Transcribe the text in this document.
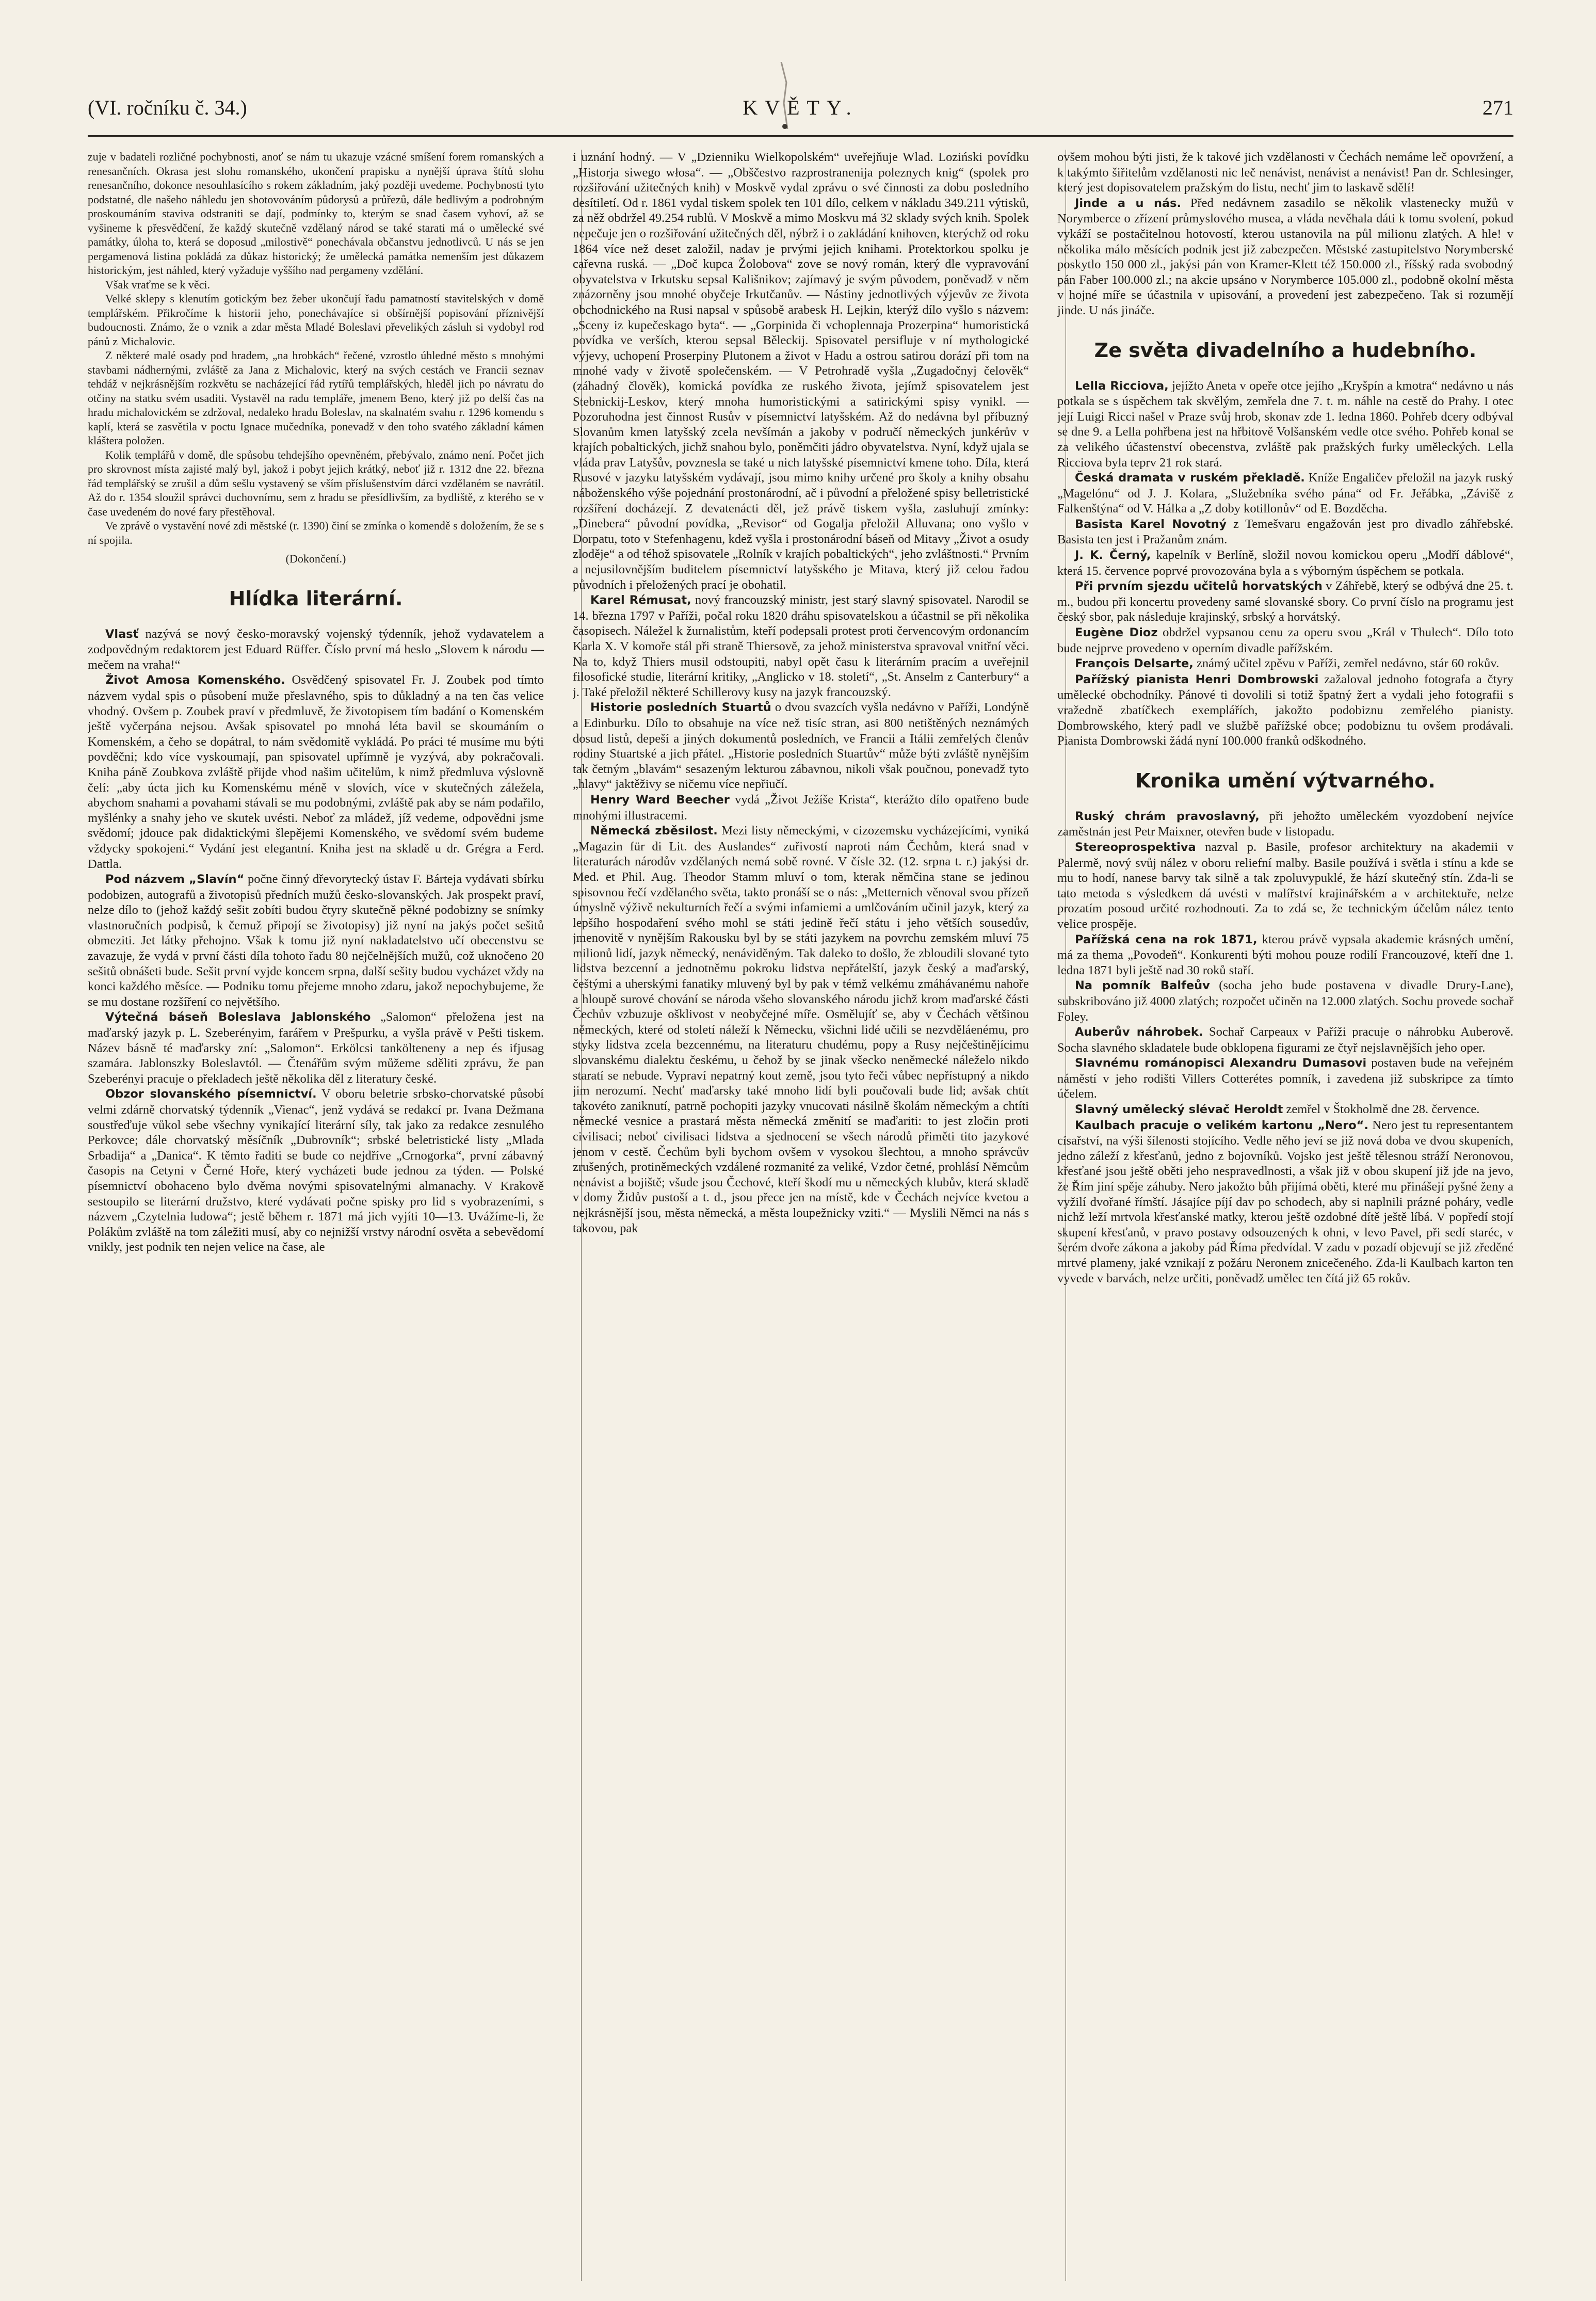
(VI. ročníku č. 34.)	KVĚTY.	271

zuje v badateli rozličné pochybnosti, anoť se nám tu ukazuje vzácné smíšení forem romanských a renesančních. Okrasa jest slohu romanského, ukončení prapisku a nynější úprava štítů slohu renesančního, dokonce nesouhlasícího s rokem základním, jaký později uvedeme. Pochybnosti tyto podstatné, dle našeho náhledu jen shotovováním půdorysů a průřezů, dále bedlivým a podrobným proskoumáním staviva odstraniti se dají, podmínky to, kterým se snad časem vyhoví, až se vyšineme k přesvědčení, že každý skutečně vzdělaný národ se také starati má o umělecké své památky, úloha to, která se doposud „milostivě“ ponechávala občanstvu jednotlivců. U nás se jen pergamenová listina pokládá za důkaz historický; že umělecká památka nemenším jest důkazem historickým, jest náhled, který vyžaduje vyššího nad pergameny vzdělání.

Však vraťme se k věci.

Velké sklepy s klenutím gotickým bez žeber ukončují řadu pamatností stavitelských v domě templářském. Přikročíme k historii jeho, ponechávajíce si obšírnější popisování příznivější budoucnosti. Známo, že o vznik a zdar města Mladé Boleslavi převelikých zásluh si vydobyl rod pánů z Michalovic.

Z některé malé osady pod hradem, „na hrobkách“ řečené, vzrostlo úhledné město s mnohými stavbami nádhernými, zvláště za Jana z Michalovic, který na svých cestách ve Francii seznav tehdáž v nejkrásnějším rozkvětu se nacházející řád rytířů templářských, hleděl jich po návratu do otčiny na statku svém usaditi. Vystavěl na radu templáře, jmenem Beno, který již po delší čas na hradu michalovickém se zdržoval, nedaleko hradu Boleslav, na skalnatém svahu r. 1296 komendu s kaplí, která se zasvětila v poctu Ignace mučedníka, ponevadž v den toho svatého základní kámen kláštera položen.

Kolik templářů v domě, dle spůsobu tehdejšího opevněném, přebývalo, známo není. Počet jich pro skrovnost místa zajisté malý byl, jakož i pobyt jejich krátký, neboť již r. 1312 dne 22. března řád templářský se zrušil a dům sešlu vystavený se vším příslušenstvím dárci vzdělaném se navrátil. Až do r. 1354 sloužil správci duchovnímu, sem z hradu se přesídlivším, za bydliště, z kterého se v čase uvedeném do nové fary přestěhoval.

Ve zprávě o vystavění nové zdi městské (r. 1390) činí se zmínka o komendě s doložením, že se s ní spojila.

(Dokončení.)

Hlídka literární.

Vlasť nazývá se nový česko-moravský vojenský týdenník, jehož vydavatelem a zodpovědným redaktorem jest Eduard Rüffer. Číslo první má heslo „Slovem k národu — mečem na vraha!“

Život Amosa Komenského. Osvědčený spisovatel Fr. J. Zoubek pod tímto názvem vydal spis o působení muže přeslavného, spis to důkladný a na ten čas velice vhodný. Ovšem p. Zoubek praví v předmluvě, že životopisem tím badání o Komenském ještě vyčerpána nejsou. Avšak spisovatel po mnohá léta bavil se skoumáním o Komenském, a čeho se dopátral, to nám svědomitě vykládá. Po práci té musíme mu býti povděčni; kdo více vyskoumají, pan spisovatel upřímně je vyzývá, aby pokračovali. Kniha páně Zoubkova zvláště přijde vhod našim učitelům, k nimž předmluva výslovně čelí: „aby úcta jich ku Komenskému méně v slovích, více v skutečných záležela, abychom snahami a povahami stávali se mu podobnými, zvláště pak aby se nám podařilo, myšlénky a snahy jeho ve skutek uvésti. Neboť za mládež, jíž vedeme, odpovědni jsme svědomí; jdouce pak didaktickými šlepějemi Komenského, ve svědomí svém budeme vždycky spokojeni.“ Vydání jest elegantní. Kniha jest na skladě u dr. Grégra a Ferd. Dattla.

Pod názvem „Slavín“ počne činný dřevorytecký ústav F. Bárteja vydávati sbírku podobizen, autografů a životopisů předních mužů česko-slovanských. Jak prospekt praví, nelze dílo to (jehož každý sešit zobíti budou čtyry skutečně pěkné podobizny se snímky vlastnoručních podpisů, k čemuž připojí se životopisy) již nyní na jakýs počet sešitů obmeziti. Jet látky přehojno. Však k tomu již nyní nakladatelstvo učí obecenstvu se zavazuje, že vydá v první části díla tohoto řadu 80 nejčelnějších mužů, což uknočeno 20 sešitů obnášeti bude. Sešit první vyjde koncem srpna, další sešity budou vycházet vždy na konci každého měsíce. — Podniku tomu přejeme mnoho zdaru, jakož nepochybujeme, že se mu dostane rozšíření co největšího.

Výtečná báseň Boleslava Jablonského „Salomon“ přeložena jest na maďarský jazyk p. L. Szeberényim, farářem v Prešpurku, a vyšla právě v Pešti tiskem. Název básně té maďarsky zní: „Salomon“. Erkölcsi tankölteneny a nep és ifjusag szamára. Jablonszky Boleslavtól. — Čtenářům svým můžeme sděliti zprávu, že pan Szeberényi pracuje o překladech ještě několika děl z literatury české.

Obzor slovanského písemnictví. V oboru beletrie srbsko-chorvatské působí velmi zdárně chorvatský týdenník „Vienac“, jenž vydává se redakcí pr. Ivana Dežmana soustřeďuje vůkol sebe všechny vynikající literární síly, tak jako za redakce zesnulého Perkovce; dále chorvatský měsíčník „Dubrovník“; srbské beletristické listy „Mlada Srbadija“ a „Danica“. K těmto řaditi se bude co nejdříve „Crnogorka“, první zábavný časopis na Cetyni v Černé Hoře, který vycházeti bude jednou za týden. — Polské písemnictví obohaceno bylo dvěma novými spisovatelnými almanachy. V Krakově sestoupilo se literární družstvo, které vydávati počne spisky pro lid s vyobrazeními, s názvem „Czytelnia ludowa“; jestě během r. 1871 má jich vyjíti 10—13. Uvážíme-li, že Polákům zvláště na tom záležiti musí, aby co nejnižší vrstvy národní osvěta a sebevědomí vnikly, jest podnik ten nejen velice na čase, ale

i uznání hodný. — V „Dzienniku Wielkopolském“ uveřejňuje Wlad. Loziński povídku „Historja siwego włosa“. — „Obščestvo razprostranenija poleznych knig“ (spolek pro rozšiřování užitečných knih) v Moskvě vydal zprávu o své činnosti za dobu posledního desítiletí. Od r. 1861 vydal tiskem spolek ten 101 dílo, celkem v nákladu 349.211 výtisků, za něž obdržel 49.254 rublů. V Moskvě a mimo Moskvu má 32 sklady svých knih. Spolek nepečuje jen o rozšiřování užitečných děl, nýbrž i o zakládání knihoven, kterýchž od roku 1864 více než deset založil, nadav je prvými jejich knihami. Protektorkou spolku je cařevna ruská. — „Doč kupca Žolobova“ zove se nový román, který dle vypravování obyvatelstva v Irkutsku sepsal Kališnikov; zajímavý je svým původem, poněvadž v něm znázorněny jsou mnohé obyčeje Irkutčanův. — Nástiny jednotlivých výjevův ze života obchodnického na Rusi napsal v spůsobě arabesk H. Lejkin, kterýž dílo vyšlo s názvem: „Sceny iz kupečeskago byta“. — „Gorpinida či vchoplennaja Prozerpina“ humoristická povídka ve verších, kterou sepsal Běleckij. Spisovatel persifluje v ní mythologické výjevy, uchopení Proserpiny Plutonem a život v Hadu a ostrou satirou dorází při tom na mnohé vady v životě společenském. — V Petrohradě vyšla „Zugadočnyj čelověk“ (záhadný člověk), komická povídka ze ruského života, jejímž spisovatelem jest Stebnickij-Leskov, který mnoha humoristickými a satirickými spisy vynikl. — Pozoruhodna jest činnost Rusův v písemnictví latyšském. Až do nedávna byl příbuzný Slovanům kmen latyšský zcela nevšímán a jakoby v područí německých junkérův v krajích pobaltických, jichž snahou bylo, poněmčiti jádro obyvatelstva. Nyní, když ujala se vláda prav Latyšův, povznesla se také u nich latyšské písemnictví kmene toho. Díla, která Rusové v jazyku latyšském vydávají, jsou mimo knihy určené pro školy a knihy obsahu náboženského výše pojednání prostonárodní, ač i původní a přeložené spisy belletristické rozšíření docházejí. Z devatenácti děl, jež právě tiskem vyšla, zasluhují zmínky: „Dinebera“ původní povídka, „Revisor“ od Gogalja přeložil Alluvana; ono vyšlo v Dorpatu, toto v Stefenhagenu, kdež vyšla i prostonárodní báseň od Mitavy „Život a osudy zloděje“ a od téhož spisovatele „Rolník v krajích pobaltických“, jeho zvláštnosti.“ Prvním a nejusilovnějším buditelem písemnictví latyšského je Mitava, který již celou řadou původních i přeložených prací je obohatil.

Karel Rémusat, nový francouzský ministr, jest starý slavný spisovatel. Narodil se 14. března 1797 v Paříži, počal roku 1820 dráhu spisovatelskou a účastnil se při několika časopisech. Náležel k žurnalistům, kteří podepsali protest proti červencovým ordonancím Karla X. V komoře stál při straně Thiersově, za jehož ministerstva spravoval vnitřní věci. Na to, když Thiers musil odstoupiti, nabyl opět času k literárním pracím a uveřejnil filosofické studie, literární kritiky, „Anglicko v 18. století“, „St. Anselm z Canterbury“ a j. Také přeložil některé Schillerovy kusy na jazyk francouzský.

Historie posledních Stuartů o dvou svazcích vyšla nedávno v Paříži, Londýně a Edinburku. Dílo to obsahuje na více než tisíc stran, asi 800 netištěných neznámých dosud listů, depeší a jiných dokumentů posledních, ve Francii a Itálii zemřelých členův rodiny Stuartské a jich přátel. „Historie posledních Stuartův“ může býti zvláště nynějším tak četným „blavám“ sesazeným lekturou zábavnou, nikoli však poučnou, ponevadž tyto „hlavy“ jaktěživy se ničemu více nepřiučí.

Henry Ward Beecher vydá „Život Ježíše Krista“, kterážto dílo opatřeno bude mnohými illustracemi.

Německá zběsilost. Mezi listy německými, v cizozemsku vycházejícími, vyniká „Magazin für di Lit. des Auslandes“ zuřivostí naproti nám Čechům, která snad v literaturách národův vzdělaných nemá sobě rovné. V čísle 32. (12. srpna t. r.) jakýsi dr. Med. et Phil. Aug. Theodor Stamm mluví o tom, kterak němčina stane se jedinou spisovnou řečí vzdělaného světa, takto pronáší se o nás: „Metternich věnoval svou přízeň úmyslně výživě nekulturních řečí a svými infamiemi a umlčováním učinil jazyk, který za lepšího hospodaření svého mohl se státi jedině řečí státu i jeho větších sousedův, jmenovitě v nynějším Rakousku byl by se státi jazykem na povrchu zemském mluví 75 milionů lidí, jazyk německý, nenáviděným. Tak daleko to došlo, že zbloudili slované tyto lidstva bezcenní a jednotněmu pokroku lidstva nepřátelští, jazyk český a maďarský, češtými a uherskými fanatiky mluvený byl by pak v témž velkému zmáhávanému nahoře a hloupě surové chování se národa všeho slovanského národu jichž krom maďarské části Čechův vzbuzuje ošklivost v neobyčejné míře. Osmělujíť se, aby v Čechách většinou německých, které od století náleží k Německu, všichni lidé učili se nezvděláenému, pro styky lidstva zcela bezcennému, na literaturu chudému, popy a Rusy nejčeštinějícimu slovanskému dialektu českému, u čehož by se jinak všecko neněmecké náleželo nikdo staratí se nebude. Vypraví nepatrný kout země, jsou tyto řeči vůbec nepřístupný a nikdo jim nerozumí. Nechť maďarsky také mnoho lidí byli poučovali bude lid; avšak chtít takovéto zaniknutí, patrně pochopiti jazyky vnucovati násilně školám německým a chtíti německé vesnice a prastará města německá změnití se maďariti: to jest zločin proti civilisaci; neboť civilisaci lidstva a sjednocení se všech národů přiměti tito jazykové jenom v cestě. Čechům byli bychom ovšem v vysokou šlechtou, a mnoho správcův zrušených, protiněmeckých vzdálené rozmanité za veliké, Vzdor četné, prohlásí Němcům nenávist a bojiště; všude jsou Čechové, kteří škodí mu u německých klubův, která skladě v domy Židův pustoší a t. d., jsou přece jen na místě, kde v Čechách nejvíce kvetou a nejkrásnější jsou, města německá, a města loupežnicky vziti.“ — Myslili Němci na nás s takovou, pak

ovšem mohou býti jisti, že k takové jich vzdělanosti v Čechách nemáme leč opovržení, a k takýmto šiřitelům vzdělanosti nic leč nenávist, nenávist a nenávist! Pan dr. Schlesinger, který jest dopisovatelem pražským do listu, nechť jim to laskavě sdělí!

Jinde a u nás. Před nedávnem zasadilo se několik vlastenecky mužů v Norymberce o zřízení průmyslového musea, a vláda nevěhala dáti k tomu svolení, pokud vykáží se postačitelnou hotovostí, kterou ustanovila na půl milionu zlatých. A hle! v několika málo měsících podnik jest již zabezpečen. Městské zastupitelstvo Norymberské poskytlo 150 000 zl., jakýsi pán von Kramer-Klett též 150.000 zl., říšský rada svobodný pán Faber 100.000 zl.; na akcie upsáno v Norymberce 105.000 zl., podobně okolní města v hojné míře se účastnila v upisování, a provedení jest zabezpečeno. Tak si rozumějí jinde. U nás jináče.

Ze světa divadelního a hudebního.

Lella Ricciova, jejížto Aneta v opeře otce jejího „Kryšpín a kmotra“ nedávno u nás potkala se s úspěchem tak skvělým, zemřela dne 7. t. m. náhle na cestě do Prahy. I otec její Luigi Ricci našel v Praze svůj hrob, skonav zde 1. ledna 1860. Pohřeb dcery odbýval se dne 9. a Lella pohřbena jest na hřbitově Volšanském vedle otce svého. Pohřeb konal se za velikého účastenství obecenstva, zvláště pak pražských furky uměleckých. Lella Ricciova byla teprv 21 rok stará.

Česká dramata v ruském překladě. Kníže Engaličev přeložil na jazyk ruský „Magelónu“ od J. J. Kolara, „Služebníka svého pána“ od Fr. Jeřábka, „Závišě z Falkenštýna“ od V. Hálka a „Z doby kotillonův“ od E. Bozděcha.

Basista Karel Novotný z Temešvaru engažován jest pro divadlo záhřebské. Basista ten jest i Pražanům znám.

J. K. Černý, kapelník v Berlíně, složil novou komickou operu „Modří dáblové“, která 15. července poprvé provozována byla a s výborným úspěchem se potkala.

Při prvním sjezdu učitelů horvatských v Záhřebě, který se odbývá dne 25. t. m., budou při koncertu provedeny samé slovanské sbory. Co první číslo na programu jest český sbor, pak následuje krajinský, srbský a horvátský.

Eugène Dioz obdržel vypsanou cenu za operu svou „Král v Thulech“. Dílo toto bude nejprve provedeno v operním divadle pařížském.

François Delsarte, známý učitel zpěvu v Paříži, zemřel nedávno, stár 60 rokův.

Pařížský pianista Henri Dombrowski zažaloval jednoho fotografa a čtyry umělecké obchodníky. Pánové ti dovolili si totiž špatný žert a vydali jeho fotografii s vražedně zbatíčkech exemplářích, jakožto podobiznu zemřelého pianisty. Dombrowského, který padl ve službě pařížské obce; podobiznu tu ovšem prodávali. Pianista Dombrowski žádá nyní 100.000 franků odškodného.

Kronika umění výtvarného.

Ruský chrám pravoslavný, při jehožto uměleckém vyozdobení nejvíce zaměstnán jest Petr Maixner, otevřen bude v listopadu.

Stereoprospektiva nazval p. Basile, profesor architektury na akademii v Palermě, nový svůj nález v oboru reliefní malby. Basile používá i světla i stínu a kde se mu to hodí, nanese barvy tak silně a tak zpoluvypuklé, že hází skutečný stín. Zda-li se tato metoda s výsledkem dá uvésti v malířství krajinářském a v architektuře, nelze prozatím posoud určité rozhodnouti. Za to zdá se, že technickým účelům nález tento velice prospěje.

Pařížská cena na rok 1871, kterou právě vypsala akademie krásných umění, má za thema „Povodeň“. Konkurenti býti mohou pouze rodilí Francouzové, kteří dne 1. ledna 1871 byli ještě nad 30 roků staří.

Na pomník Balfeův (socha jeho bude postavena v divadle Drury-Lane), subskribováno již 4000 zlatých; rozpočet učiněn na 12.000 zlatých. Sochu provede sochař Foley.

Auberův náhrobek. Sochař Carpeaux v Paříži pracuje o náhrobku Auberově. Socha slavného skladatele bude obklopena figurami ze čtyř nejslavnějších jeho oper.

Slavnému románopisci Alexandru Dumasovi postaven bude na veřejném náměstí v jeho rodišti Villers Cotterétes pomník, i zavedena již subskripce za tímto účelem.

Slavný umělecký slévač Heroldt zemřel v Štokholmě dne 28. července.

Kaulbach pracuje o velikém kartonu „Nero“. Nero jest tu representantem císařství, na výši šílenosti stojícího. Vedle něho jeví se již nová doba ve dvou skupeních, jedno záleží z křesťanů, jedno z bojovníků. Vojsko jest ještě tělesnou stráží Neronovou, křesťané jsou ještě oběti jeho nespravedlnosti, a však již v obou skupení již jde na jevo, že Řím jiní spěje záhuby. Nero jakožto bůh přijímá oběti, které mu přinášejí pyšné ženy a vyžilí dvořané římští. Jásajíce píjí dav po schodech, aby si naplnili prázné poháry, vedle nichž leží mrtvola křesťanské matky, kterou ještě ozdobné dítě ještě líbá. V popředí stojí skupení křesťanů, v pravo postavy odsouzených k ohni, v levo Pavel, při sedí staréc, v šerém dvoře zákona a jakoby pád Říma předvídal. V zadu v pozadí objevují se již zředěné mrtvé plameny, jaké vznikají z požáru Neronem znicečeného. Zda-li Kaulbach karton ten vyvede v barvách, nelze určiti, poněvadž umělec ten čítá již 65 rokův.
